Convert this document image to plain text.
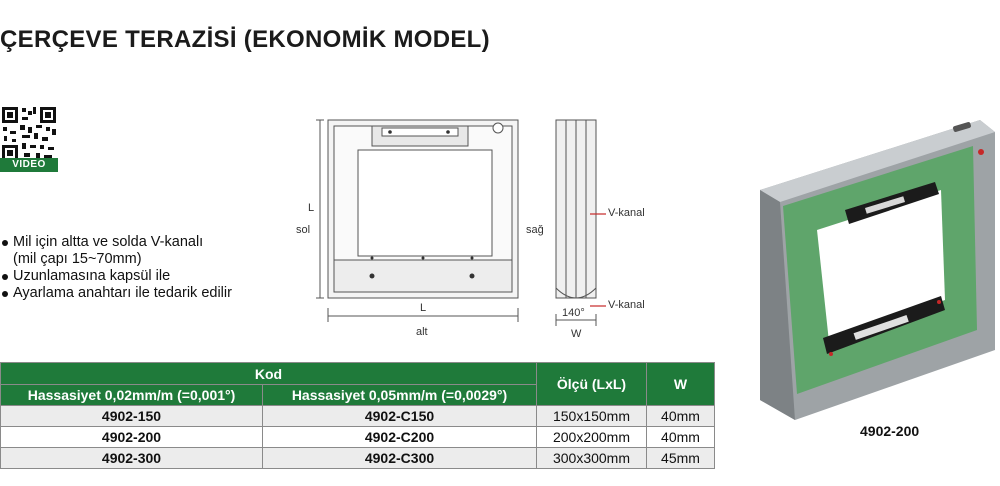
ÇERÇEVE TERAZİSİ (EKONOMİK MODEL)
VIDEO
Mil için altta ve solda V-kanalı
(mil çapı 15~70mm)
Uzunlamasına kapsül ile
Ayarlama anahtarı ile tedarik edilir
sol
L
sağ
L
alt
V-kanal
V-kanal
140°
W
4902-200
Kod		Ölçü (LxL)	W
Hassasiyet 0,02mm/m (=0,001°)	Hassasiyet 0,05mm/m (=0,0029°)		
4902-150	4902-C150	150x150mm	40mm
4902-200	4902-C200	200x200mm	40mm
4902-300	4902-C300	300x300mm	45mm
